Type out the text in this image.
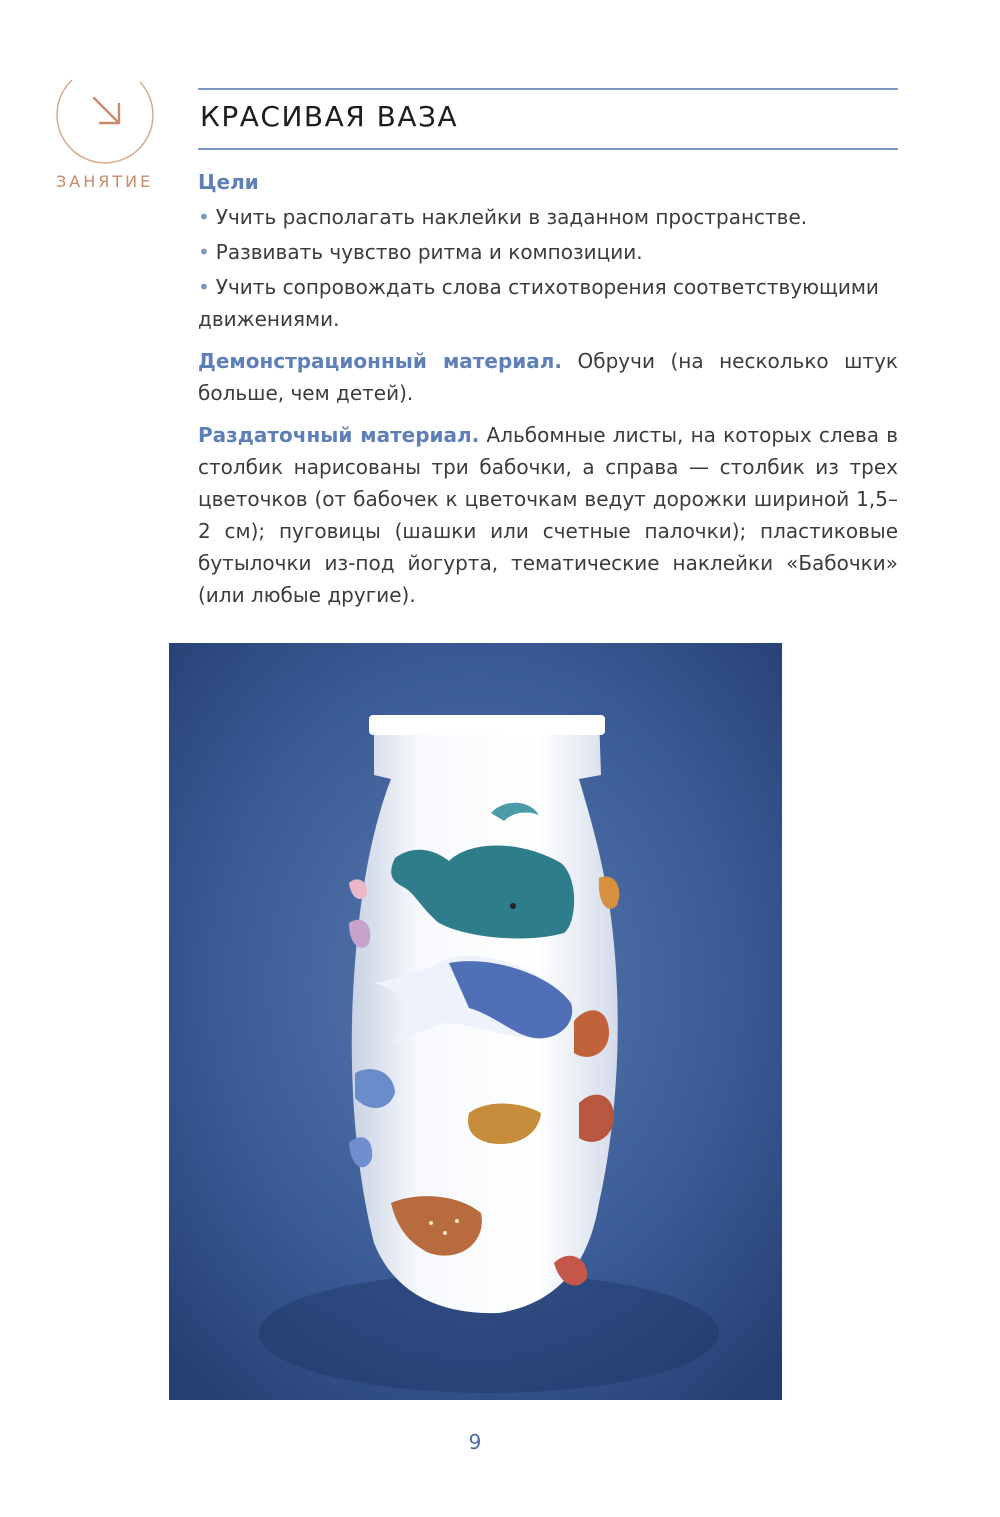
ЗАНЯТИЕ
КРАСИВАЯ ВАЗА
Цели
• Учить располагать наклейки в заданном пространстве.
• Развивать чувство ритма и композиции.
• Учить сопровождать слова стихотворения соответствующими движениями.

Демонстрационный материал. Обручи (на несколько штук больше, чем детей).

Раздаточный материал. Альбомные листы, на которых слева в столбик нарисованы три бабочки, а справа — столбик из трех цветочков (от бабочек к цветочкам ведут дорожки шириной 1,5–2 см); пуговицы (шашки или счетные палочки); пластиковые бутылочки из-под йогурта, тематические наклейки «Бабочки» (или любые другие).

9
